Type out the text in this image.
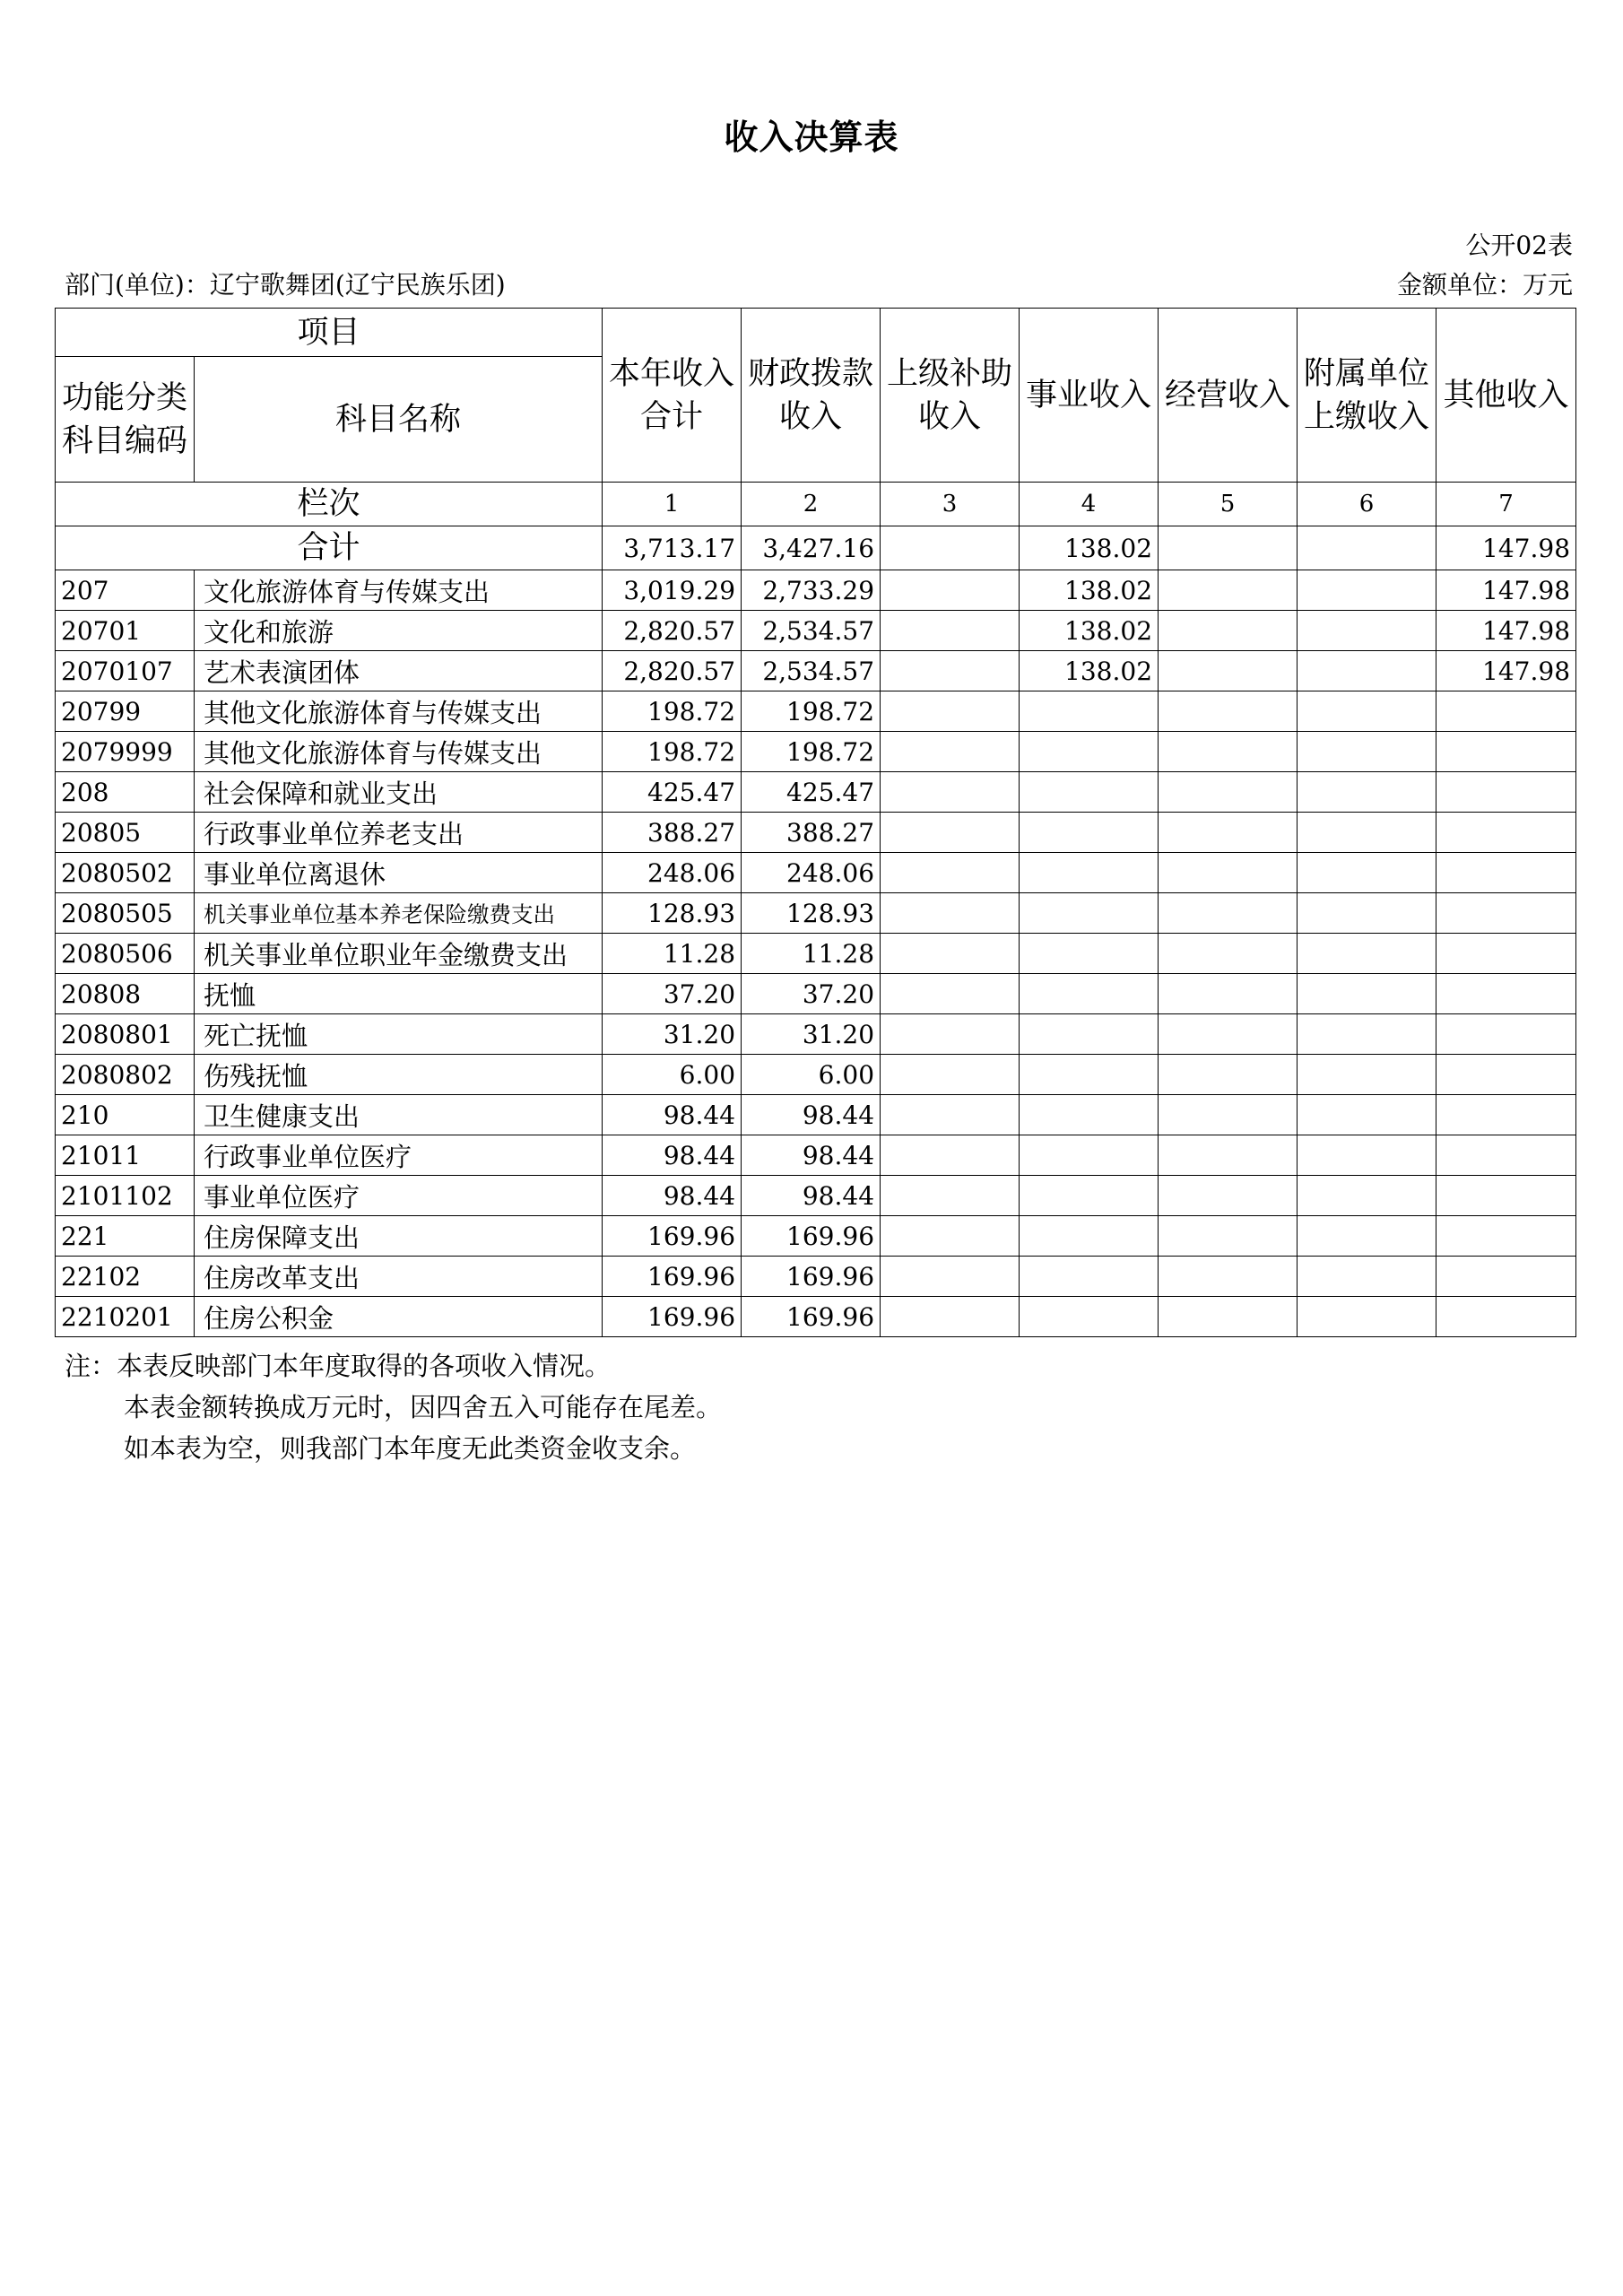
收入决算表
公开02表
部门(单位)：辽宁歌舞团(辽宁民族乐团)	金额单位：万元
项目		本年收入合计	财政拨款收入	上级补助收入	事业收入	经营收入	附属单位上缴收入	其他收入
功能分类科目编码	科目名称							
栏次		1	2	3	4	5	6	7
合计		3,713.17	3,427.16		138.02			147.98
207	文化旅游体育与传媒支出	3,019.29	2,733.29		138.02			147.98
20701	文化和旅游	2,820.57	2,534.57		138.02			147.98
2070107	艺术表演团体	2,820.57	2,534.57		138.02			147.98
20799	其他文化旅游体育与传媒支出	198.72	198.72					
2079999	其他文化旅游体育与传媒支出	198.72	198.72					
208	社会保障和就业支出	425.47	425.47					
20805	行政事业单位养老支出	388.27	388.27					
2080502	事业单位离退休	248.06	248.06					
2080505	机关事业单位基本养老保险缴费支出	128.93	128.93					
2080506	机关事业单位职业年金缴费支出	11.28	11.28					
20808	抚恤	37.20	37.20					
2080801	死亡抚恤	31.20	31.20					
2080802	伤残抚恤	6.00	6.00					
210	卫生健康支出	98.44	98.44					
21011	行政事业单位医疗	98.44	98.44					
2101102	事业单位医疗	98.44	98.44					
221	住房保障支出	169.96	169.96					
22102	住房改革支出	169.96	169.96					
2210201	住房公积金	169.96	169.96					
注：本表反映部门本年度取得的各项收入情况。
本表金额转换成万元时，因四舍五入可能存在尾差。
如本表为空，则我部门本年度无此类资金收支余。
